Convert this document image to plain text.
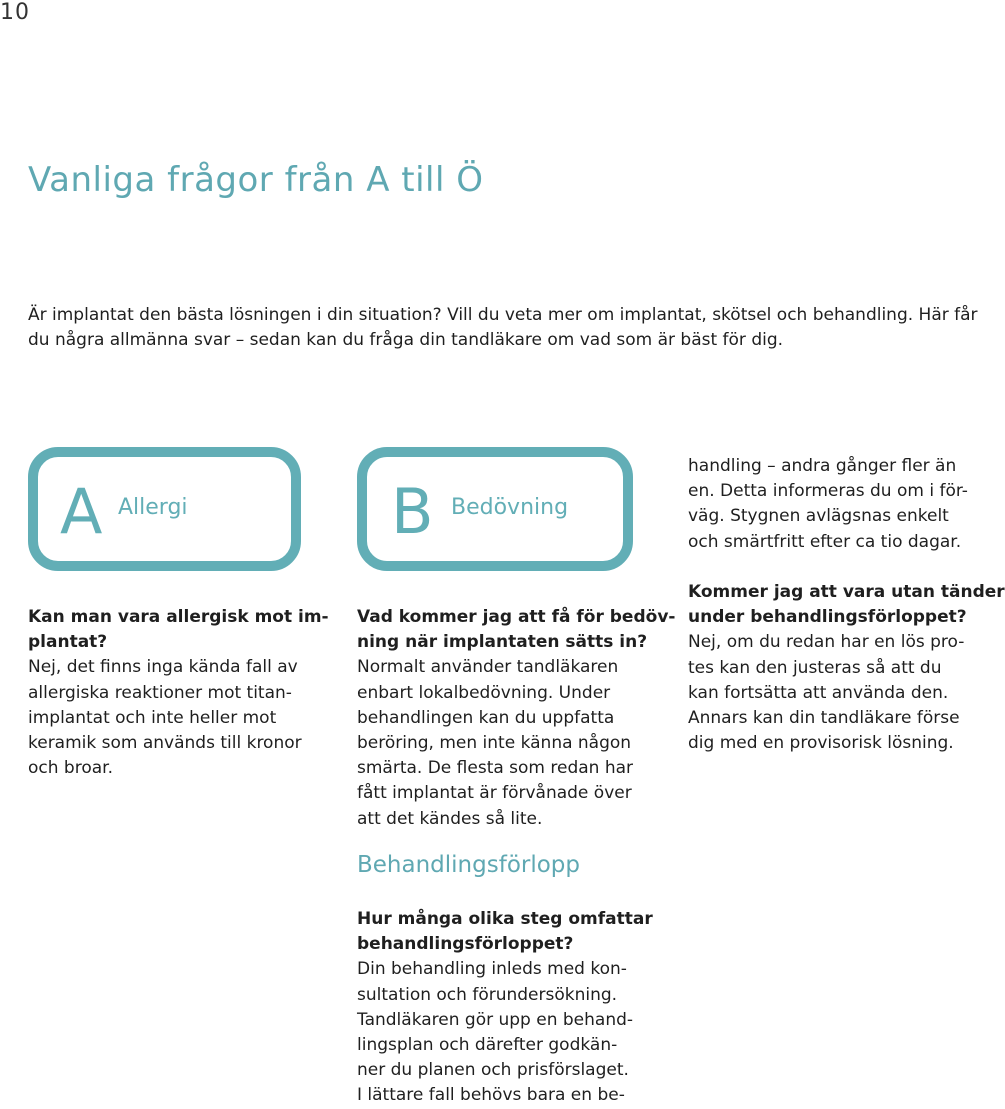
10
Vanliga frågor från A till Ö

Är implantat den bästa lösningen i din situation? Vill du veta mer om implantat, skötsel och behandling. Här får

du några allmänna svar – sedan kan du fråga din tandläkare om vad som är bäst för dig.

A Allergi	B Bedövning
Kan man vara allergisk mot im-
plantat?
Nej, det finns inga kända fall av
allergiska reaktioner mot titan-
implantat och inte heller mot
keramik som används till kronor
och broar.
Vad kommer jag att få för bedöv-
ning när implantaten sätts in?
Normalt använder tandläkaren
enbart lokalbedövning. Under
behandlingen kan du uppfatta
beröring, men inte känna någon
smärta. De flesta som redan har
fått implantat är förvånade över
att det kändes så lite.
Behandlingsförlopp
Hur många olika steg omfattar
behandlingsförloppet?
Din behandling inleds med kon-
sultation och förundersökning.
Tandläkaren gör upp en behand-
lingsplan och därefter godkän-
ner du planen och prisförslaget.
I lättare fall behövs bara en be-
handling – andra gånger fler än
en. Detta informeras du om i för-
väg. Stygnen avlägsnas enkelt
och smärtfritt efter ca tio dagar.
Kommer jag att vara utan tänder
under behandlingsförloppet?
Nej, om du redan har en lös pro-
tes kan den justeras så att du
kan fortsätta att använda den.
Annars kan din tandläkare förse
dig med en provisorisk lösning.
